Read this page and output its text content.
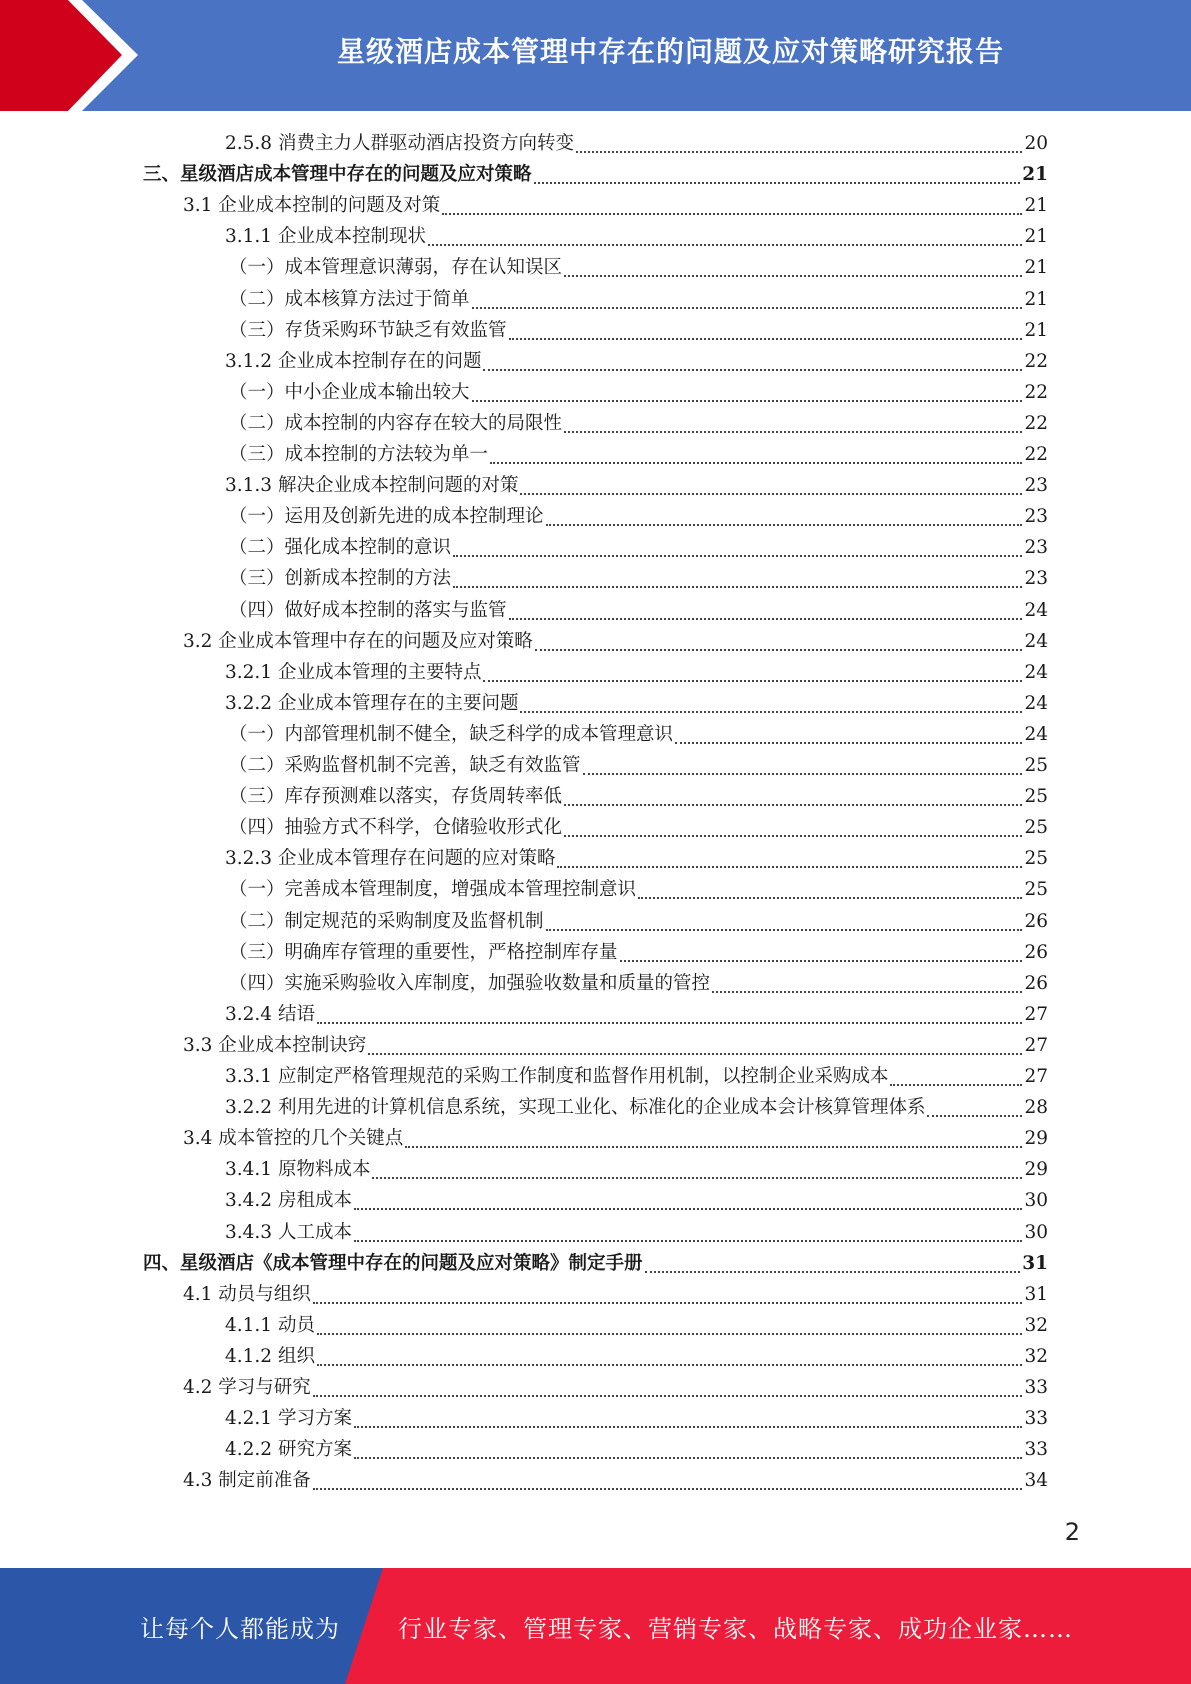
星级酒店成本管理中存在的问题及应对策略研究报告
2.5.8 消费主力人群驱动酒店投资方向转变	20
三、星级酒店成本管理中存在的问题及应对策略	21
3.1 企业成本控制的问题及对策	21
3.1.1 企业成本控制现状	21
（一）成本管理意识薄弱，存在认知误区	21
（二）成本核算方法过于简单	21
（三）存货采购环节缺乏有效监管	21
3.1.2 企业成本控制存在的问题	22
（一）中小企业成本输出较大	22
（二）成本控制的内容存在较大的局限性	22
（三）成本控制的方法较为单一	22
3.1.3 解决企业成本控制问题的对策	23
（一）运用及创新先进的成本控制理论	23
（二）强化成本控制的意识	23
（三）创新成本控制的方法	23
（四）做好成本控制的落实与监管	24
3.2 企业成本管理中存在的问题及应对策略	24
3.2.1 企业成本管理的主要特点	24
3.2.2 企业成本管理存在的主要问题	24
（一）内部管理机制不健全，缺乏科学的成本管理意识	24
（二）采购监督机制不完善，缺乏有效监管	25
（三）库存预测难以落实，存货周转率低	25
（四）抽验方式不科学，仓储验收形式化	25
3.2.3 企业成本管理存在问题的应对策略	25
（一）完善成本管理制度，增强成本管理控制意识	25
（二）制定规范的采购制度及监督机制	26
（三）明确库存管理的重要性，严格控制库存量	26
（四）实施采购验收入库制度，加强验收数量和质量的管控	26
3.2.4 结语	27
3.3 企业成本控制诀窍	27
3.3.1 应制定严格管理规范的采购工作制度和监督作用机制，以控制企业采购成本	27
3.2.2 利用先进的计算机信息系统，实现工业化、标准化的企业成本会计核算管理体系	28
3.4 成本管控的几个关键点	29
3.4.1 原物料成本	29
3.4.2 房租成本	30
3.4.3 人工成本	30
四、星级酒店《成本管理中存在的问题及应对策略》制定手册	31
4.1 动员与组织	31
4.1.1 动员	32
4.1.2 组织	32
4.2 学习与研究	33
4.2.1 学习方案	33
4.2.2 研究方案	33
4.3 制定前准备	34
2
让每个人都能成为 行业专家、管理专家、营销专家、战略专家、成功企业家……
